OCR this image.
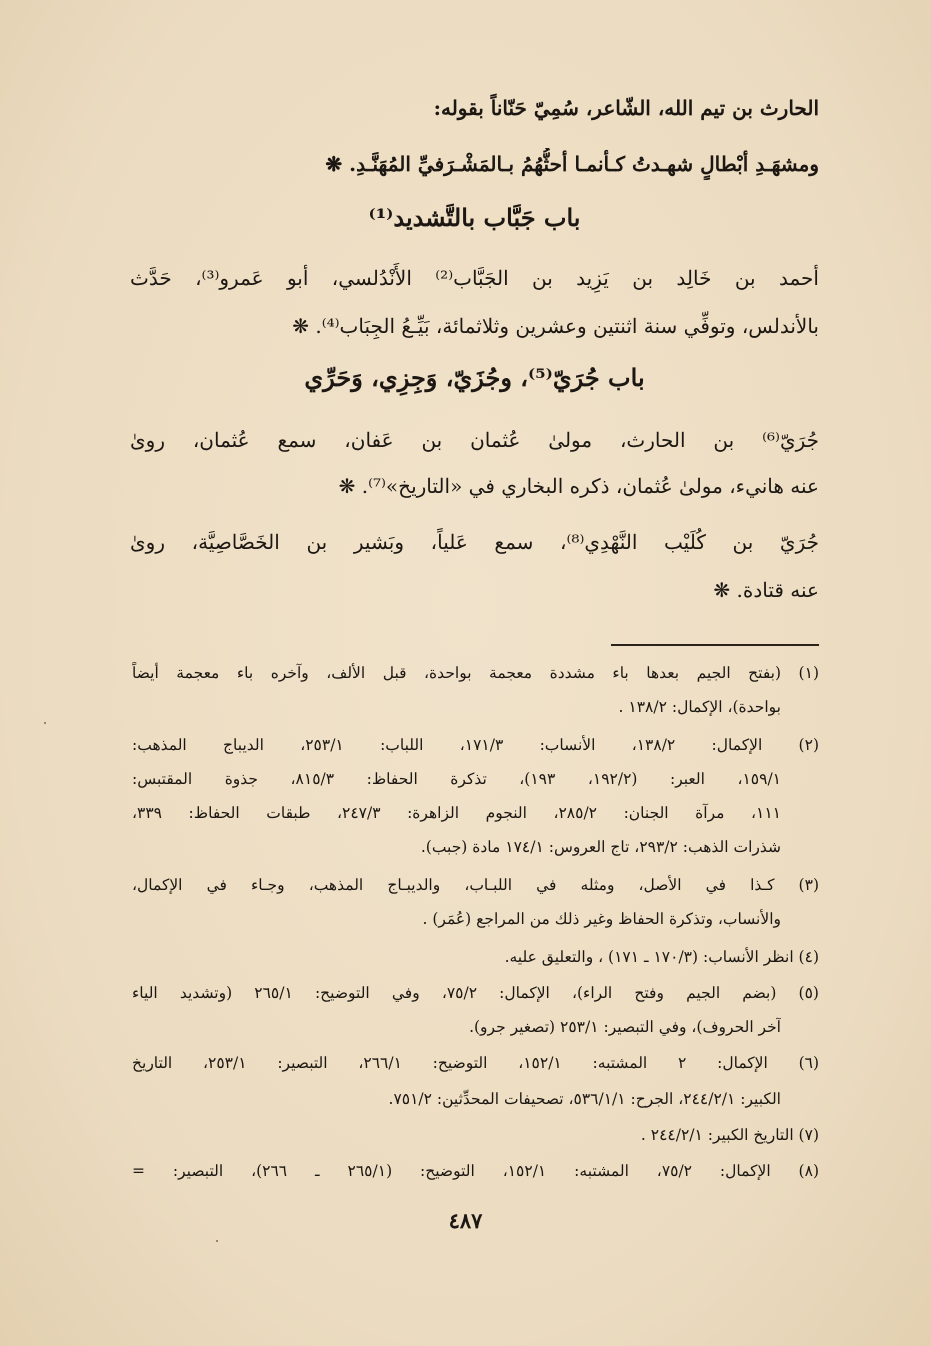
الحارث بن تيم الله، الشّاعر، سُمِيّ حَنّاناً بقوله:
ومشهَـدِ أبْطالٍ شهـدتُ كـأنمـا أحثُّهُمُ بـالمَشْـرَفيِّ المُهَنَّـدِ. ❋
باب جَبَّاب بالتَّشديد⁽¹⁾
أحمد بن خَالِد بن يَزِيد بن الجَبَّاب⁽²⁾ الأَنْدُلسي، أبو عَمرو⁽³⁾، حَدَّث
بالأندلس، وتوفِّي سنة اثنتين وعشرين وثلاثمائة، بَيِّـعُ الجِبَاب⁽⁴⁾. ❋
باب جُرَيّ⁽⁵⁾، وجُزَيّ، وَجِزِي، وَحَرِّي
جُرَيّ⁽⁶⁾ بن الحارث، مولىٰ عُثمان بن عَفان، سمع عُثمان، روىٰ
عنه هانيء، مولىٰ عُثمان، ذكره البخاري في «التاريخ»⁽⁷⁾. ❋
جُرَيّ بن كُلَيْب النَّهْدِي⁽⁸⁾، سمع عَلياً، وبَشير بن الخَصَّاصِيَّة، روىٰ
عنه قتادة. ❋
(١) (بفتح الجيم بعدها باء مشددة معجمة بواحدة، قبل الألف، وآخره باء معجمة أيضاً
بواحدة)، الإكمال: ١٣٨/٢ .
(٢) الإكمال: ١٣٨/٢، الأنساب: ١٧١/٣، اللباب: ٢٥٣/١، الديباج المذهب:
١٥٩/١، العبر: (١٩٢/٢، ١٩٣)، تذكرة الحفاظ: ٨١٥/٣، جذوة المقتبس:
١١١، مرآة الجنان: ٢٨٥/٢، النجوم الزاهرة: ٢٤٧/٣، طبقات الحفاظ: ٣٣٩،
شذرات الذهب: ٢٩٣/٢، تاج العروس: ١٧٤/١ مادة (جبب).
(٣) كـذا في الأصل، ومثله في اللبـاب، والديبـاج المذهب، وجـاء في الإكمال،
والأنساب، وتذكرة الحفاظ وغير ذلك من المراجع (عُمَر) .
(٤) انظر الأنساب: (١٧٠/٣ ـ ١٧١) ، والتعليق عليه.
(٥) (بضم الجيم وفتح الراء)، الإكمال: ٧٥/٢، وفي التوضيح: ٢٦٥/١ (وتشديد الياء
آخر الحروف)، وفي التبصير: ٢٥٣/١ (تصغير جرو).
(٦) الإكمال: ٢ المشتبه: ١٥٢/١، التوضيح: ٢٦٦/١، التبصير: ٢٥٣/١، التاريخ
الكبير: ٢٤٤/٢/١، الجرح: ٥٣٦/١/١، تصحيفات المحدِّثين: ٧٥١/٢.
(٧) التاريخ الكبير: ٢٤٤/٢/١ .
(٨) الإكمال: ٧٥/٢، المشتبه: ١٥٢/١، التوضيح: (٢٦٥/١ ـ ٢٦٦)، التبصير: =
٤٨٧
